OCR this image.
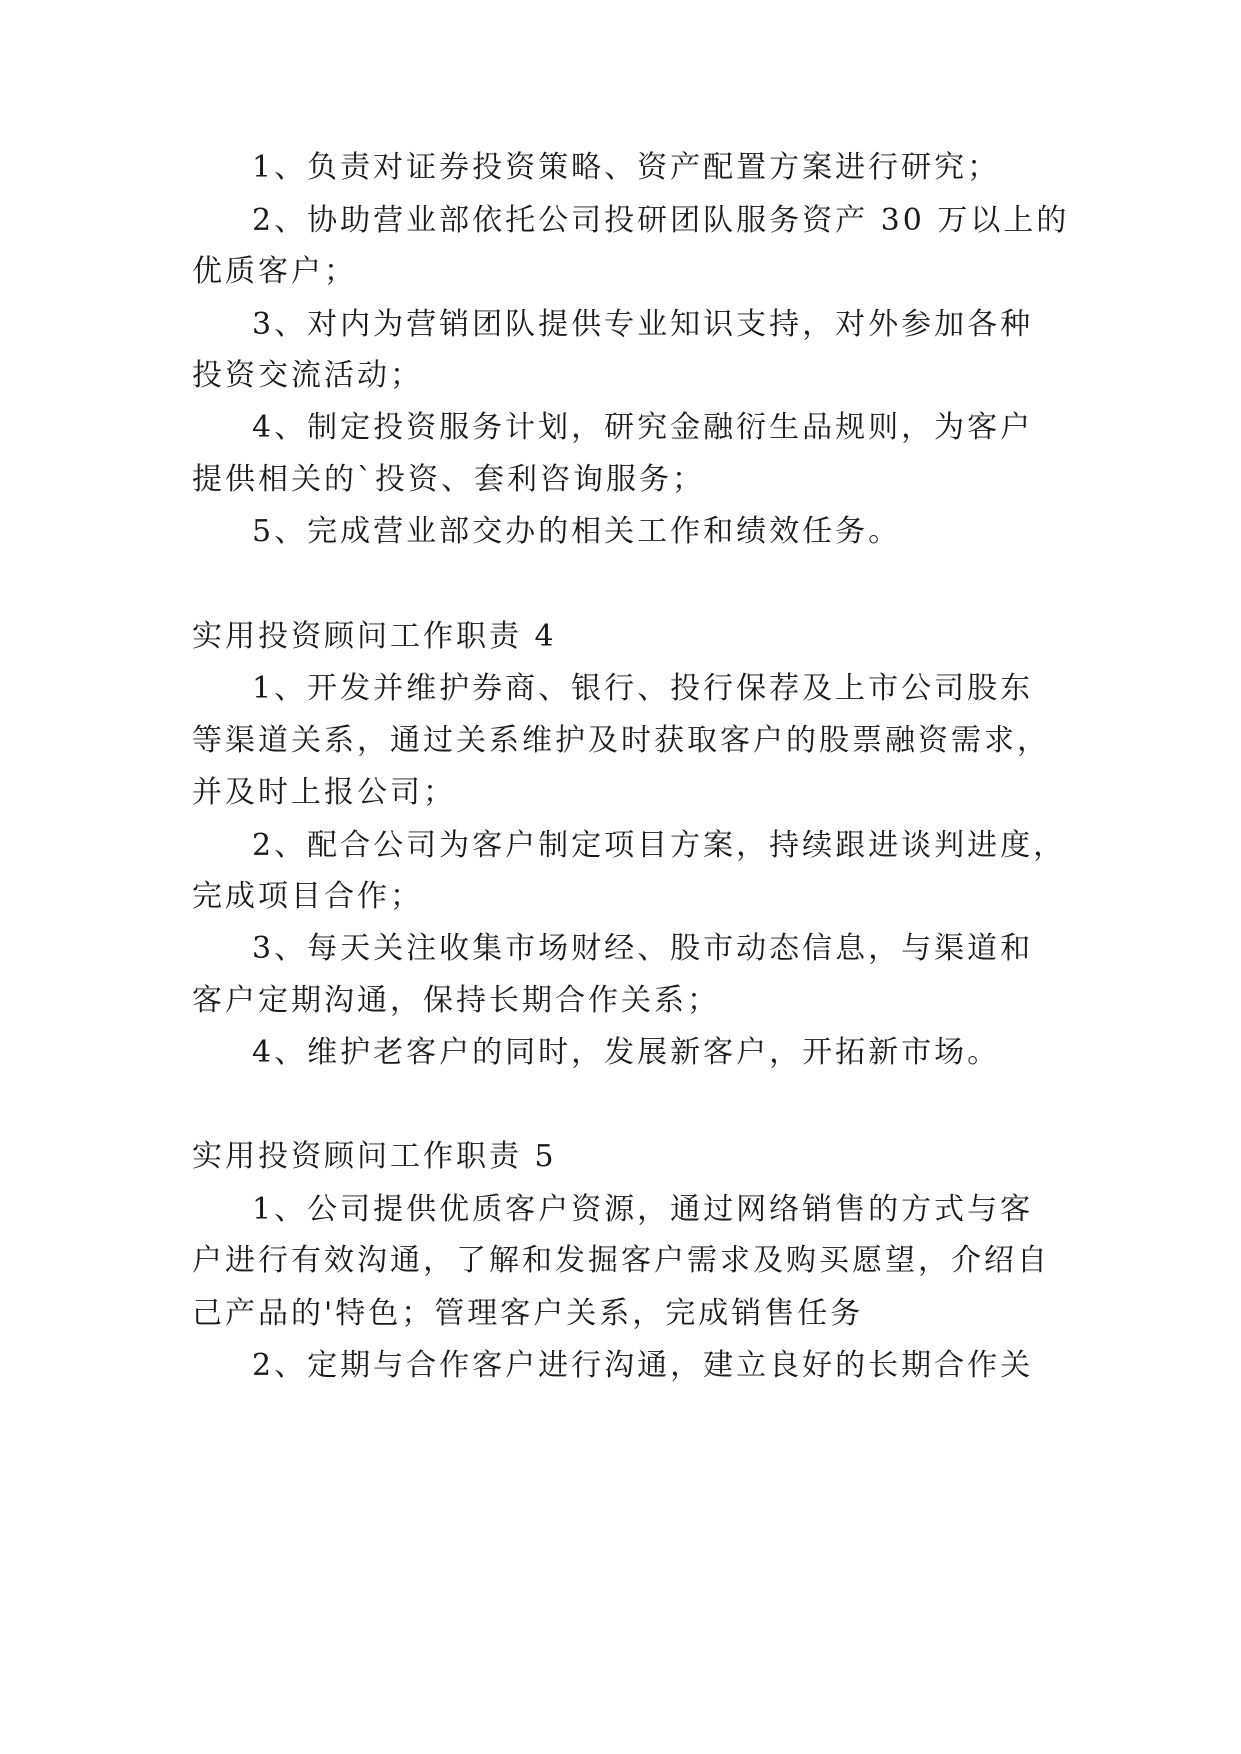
1、负责对证券投资策略、资产配置方案进行研究；
2、协助营业部依托公司投研团队服务资产 30 万以上的
优质客户；
3、对内为营销团队提供专业知识支持，对外参加各种
投资交流活动；
4、制定投资服务计划，研究金融衍生品规则，为客户
提供相关的`投资、套利咨询服务；
5、完成营业部交办的相关工作和绩效任务。
实用投资顾问工作职责 4
1、开发并维护券商、银行、投行保荐及上市公司股东
等渠道关系，通过关系维护及时获取客户的股票融资需求，
并及时上报公司；
2、配合公司为客户制定项目方案，持续跟进谈判进度，
完成项目合作；
3、每天关注收集市场财经、股市动态信息，与渠道和
客户定期沟通，保持长期合作关系；
4、维护老客户的同时，发展新客户，开拓新市场。
实用投资顾问工作职责 5
1、公司提供优质客户资源，通过网络销售的方式与客
户进行有效沟通，了解和发掘客户需求及购买愿望，介绍自
己产品的'特色；管理客户关系，完成销售任务
2、定期与合作客户进行沟通，建立良好的长期合作关
